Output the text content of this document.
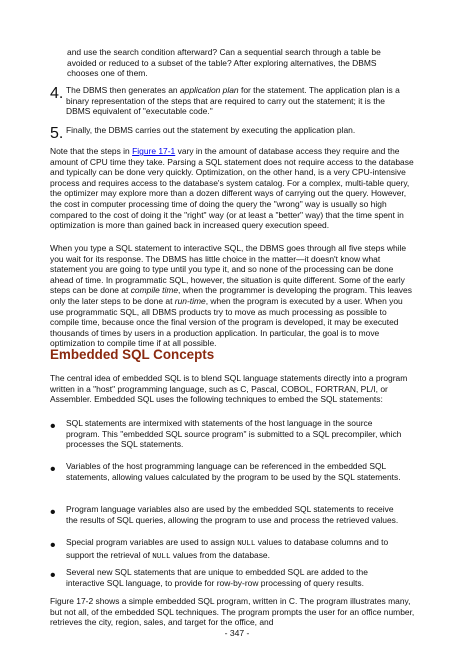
and use the search condition afterward? Can a sequential search through a table be avoided or reduced to a subset of the table? After exploring alternatives, the DBMS chooses one of them.

4. The DBMS then generates an application plan for the statement. The application plan is a binary representation of the steps that are required to carry out the statement; it is the DBMS equivalent of "executable code."

5. Finally, the DBMS carries out the statement by executing the application plan.

Note that the steps in Figure 17-1 vary in the amount of database access they require and the amount of CPU time they take. Parsing a SQL statement does not require access to the database and typically can be done very quickly. Optimization, on the other hand, is a very CPU-intensive process and requires access to the database's system catalog. For a complex, multi-table query, the optimizer may explore more than a dozen different ways of carrying out the query. However, the cost in computer processing time of doing the query the "wrong" way is usually so high compared to the cost of doing it the "right" way (or at least a "better" way) that the time spent in optimization is more than gained back in increased query execution speed.

When you type a SQL statement to interactive SQL, the DBMS goes through all five steps while you wait for its response. The DBMS has little choice in the matter—it doesn't know what statement you are going to type until you type it, and so none of the processing can be done ahead of time. In programmatic SQL, however, the situation is quite different. Some of the early steps can be done at compile time, when the programmer is developing the program. This leaves only the later steps to be done at run-time, when the program is executed by a user. When you use programmatic SQL, all DBMS products try to move as much processing as possible to compile time, because once the final version of the program is developed, it may be executed thousands of times by users in a production application. In particular, the goal is to move optimization to compile time if at all possible.

Embedded SQL Concepts

The central idea of embedded SQL is to blend SQL language statements directly into a program written in a "host" programming language, such as C, Pascal, COBOL, FORTRAN, PL/I, or Assembler. Embedded SQL uses the following techniques to embed the SQL statements:

•	SQL statements are intermixed with statements of the host language in the source program. This "embedded SQL source program" is submitted to a SQL precompiler, which processes the SQL statements.

•	Variables of the host programming language can be referenced in the embedded SQL statements, allowing values calculated by the program to be used by the SQL statements.

•	Program language variables also are used by the embedded SQL statements to receive the results of SQL queries, allowing the program to use and process the retrieved values.

•	Special program variables are used to assign NULL values to database columns and to support the retrieval of NULL values from the database.

•	Several new SQL statements that are unique to embedded SQL are added to the interactive SQL language, to provide for row-by-row processing of query results.

Figure 17-2 shows a simple embedded SQL program, written in C. The program illustrates many, but not all, of the embedded SQL techniques. The program prompts the user for an office number, retrieves the city, region, sales, and target for the office, and

- 347 -
